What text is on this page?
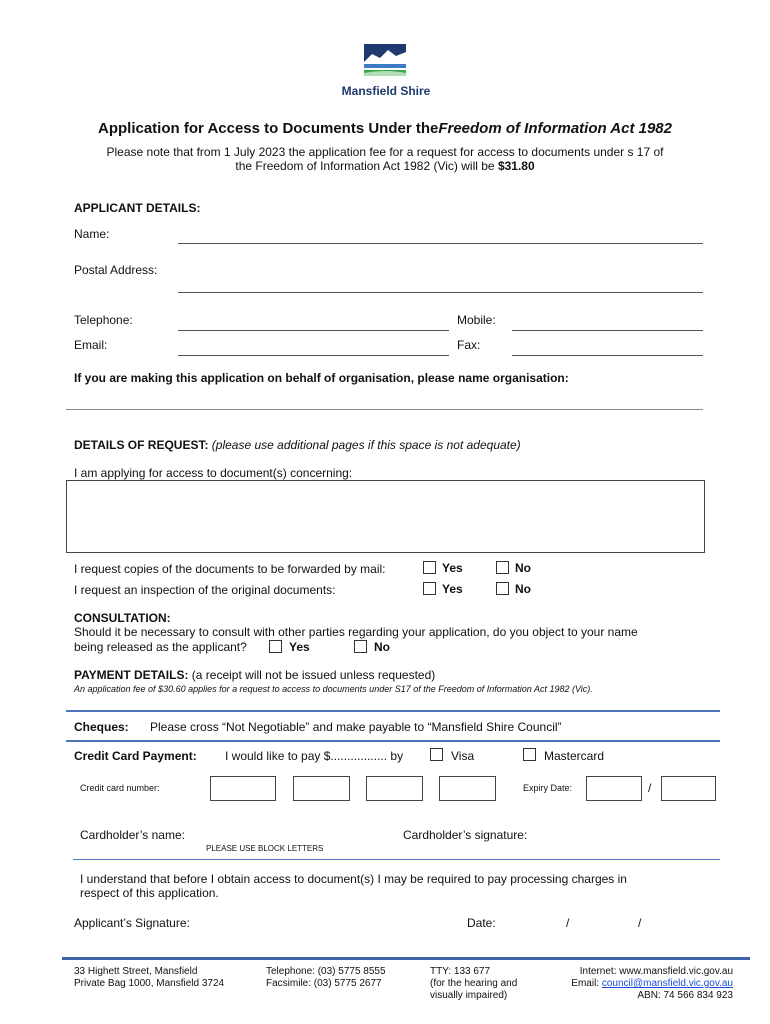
Mansfield Shire
Application for Access to Documents Under theFreedom of Information Act 1982
Please note that from 1 July 2023 the application fee for a request for access to documents under s 17 of
the Freedom of Information Act 1982 (Vic) will be $31.80
APPLICANT DETAILS:
Name:
Postal Address:
Telephone:	Mobile:
Email:	Fax:
If you are making this application on behalf of organisation, please name organisation:
DETAILS OF REQUEST: (please use additional pages if this space is not adequate)
I am applying for access to document(s) concerning:
I request copies of the documents to be forwarded by mail:	Yes	No
I request an inspection of the original documents:	Yes	No
CONSULTATION:
Should it be necessary to consult with other parties regarding your application, do you object to your name
being released as the applicant?	Yes	No
PAYMENT DETAILS: (a receipt will not be issued unless requested)
An application fee of $30.60 applies for a request to access to documents under S17 of the Freedom of Information Act 1982 (Vic).
Cheques: Please cross “Not Negotiable” and make payable to “Mansfield Shire Council”
Credit Card Payment: I would like to pay $................. by	Visa	Mastercard
Credit card number:	Expiry Date:	/
Cardholder’s name:
PLEASE USE BLOCK LETTERS
Cardholder’s signature:
I understand that before I obtain access to document(s) I may be required to pay processing charges in
respect of this application.
Applicant’s Signature:	Date:	/	/
33 Highett Street, Mansfield
Private Bag 1000, Mansfield 3724
Telephone: (03) 5775 8555
Facsimile: (03) 5775 2677
TTY: 133 677
(for the hearing and
visually impaired)
Internet: www.mansfield.vic.gov.au
Email: council@mansfield.vic.gov.au
ABN: 74 566 834 923
